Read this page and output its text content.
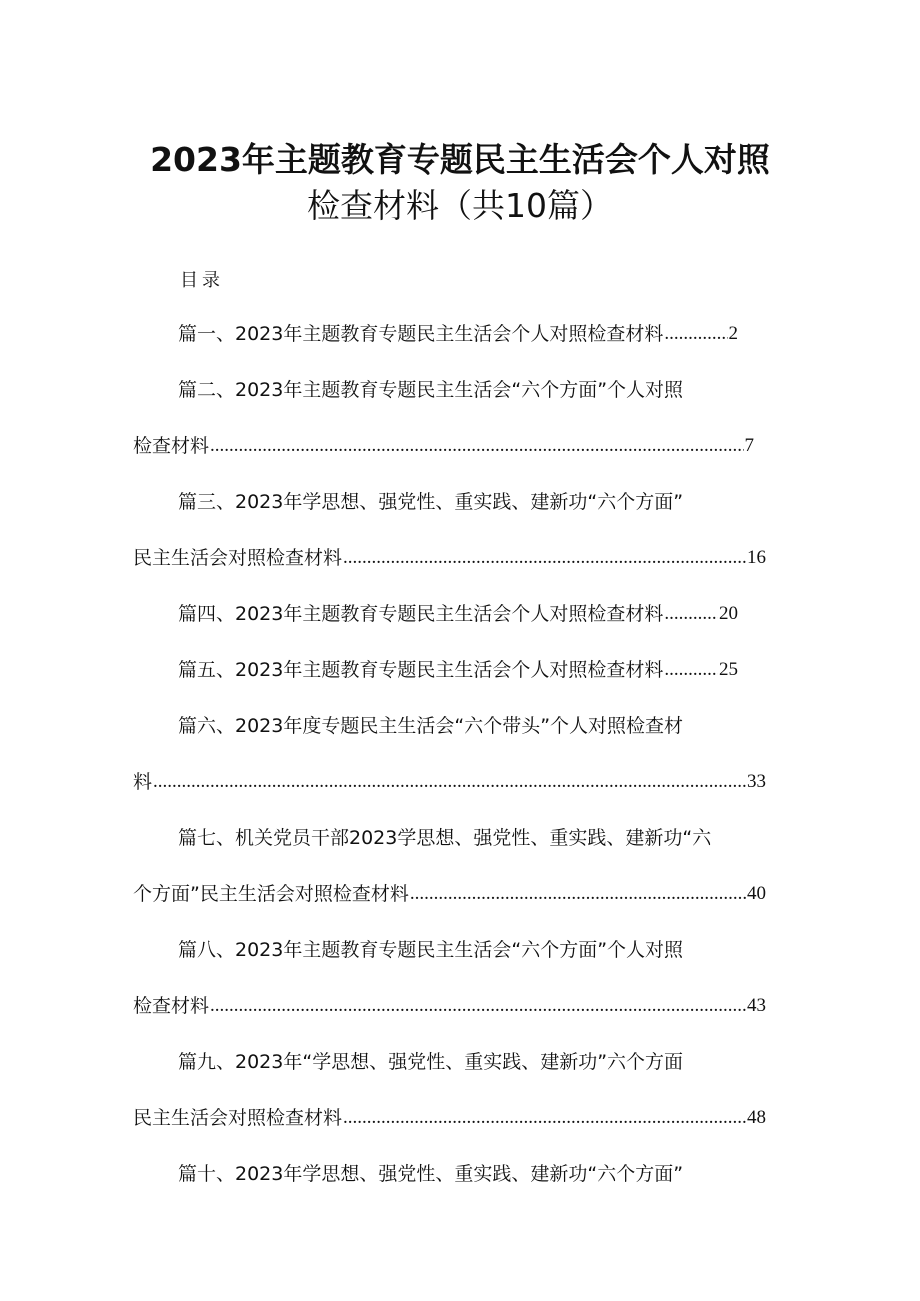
2023年主题教育专题民主生活会个人对照
检查材料（共10篇）
目录
篇一、2023年主题教育专题民主生活会个人对照检查材料 .....	2
篇二、2023年主题教育专题民主生活会“六个方面”个人对照
检查材料 .....	7
篇三、2023年学思想、强党性、重实践、建新功“六个方面”
民主生活会对照检查材料 .....	16
篇四、2023年主题教育专题民主生活会个人对照检查材料 .....	20
篇五、2023年主题教育专题民主生活会个人对照检查材料 .....	25
篇六、2023年度专题民主生活会“六个带头”个人对照检查材
料 .....	33
篇七、机关党员干部2023学思想、强党性、重实践、建新功“六
个方面”民主生活会对照检查材料 .....	40
篇八、2023年主题教育专题民主生活会“六个方面”个人对照
检查材料 .....	43
篇九、2023年“学思想、强党性、重实践、建新功”六个方面
民主生活会对照检查材料 .....	48
篇十、2023年学思想、强党性、重实践、建新功“六个方面”
